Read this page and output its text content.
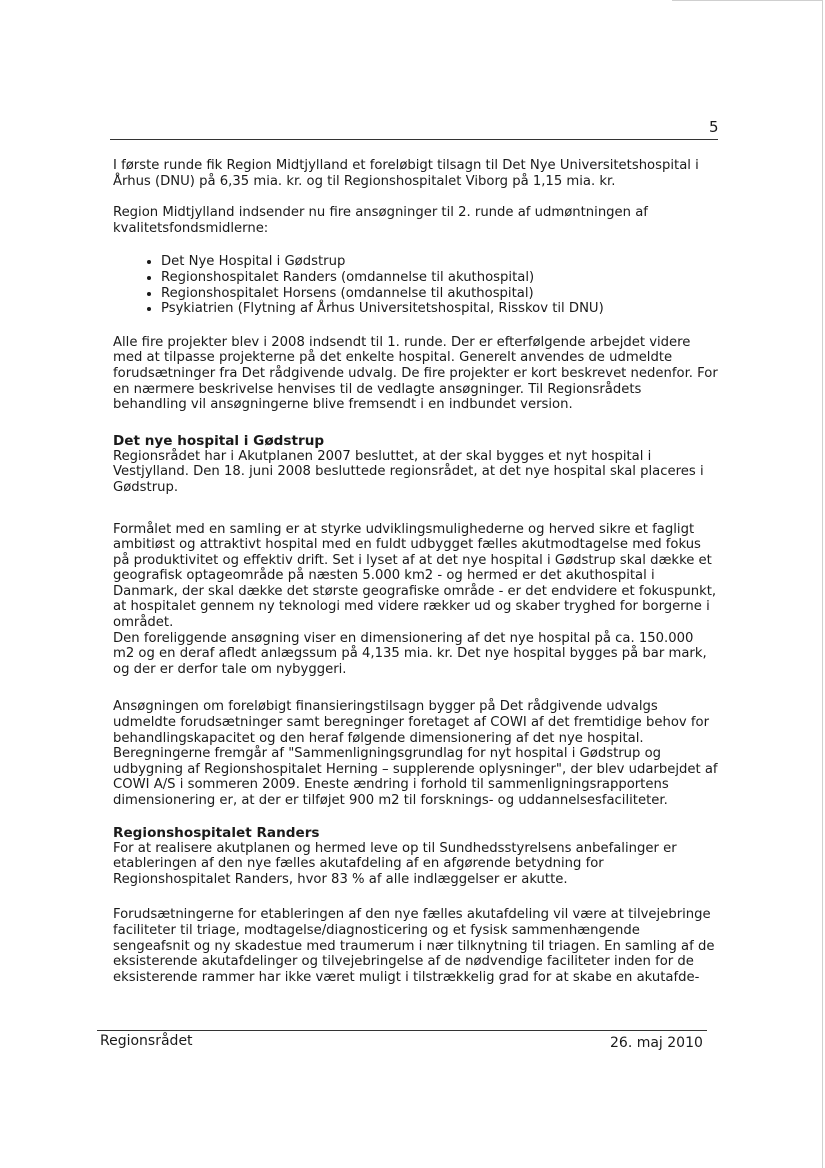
5

I første runde fik Region Midtjylland et foreløbigt tilsagn til Det Nye Universitetshospital i Århus (DNU) på 6,35 mia. kr. og til Regionshospitalet Viborg på 1,15 mia. kr.

Region Midtjylland indsender nu fire ansøgninger til 2. runde af udmøntningen af kvalitetsfondsmidlerne:

• Det Nye Hospital i Gødstrup
• Regionshospitalet Randers (omdannelse til akuthospital)
• Regionshospitalet Horsens (omdannelse til akuthospital)
• Psykiatrien (Flytning af Århus Universitetshospital, Risskov til DNU)

Alle fire projekter blev i 2008 indsendt til 1. runde. Der er efterfølgende arbejdet videre med at tilpasse projekterne på det enkelte hospital. Generelt anvendes de udmeldte forudsætninger fra Det rådgivende udvalg. De fire projekter er kort beskrevet nedenfor. For en nærmere beskrivelse henvises til de vedlagte ansøgninger. Til Regionsrådets behandling vil ansøgningerne blive fremsendt i en indbundet version.

Det nye hospital i Gødstrup

Regionsrådet har i Akutplanen 2007 besluttet, at der skal bygges et nyt hospital i Vestjylland. Den 18. juni 2008 besluttede regionsrådet, at det nye hospital skal placeres i Gødstrup.

Formålet med en samling er at styrke udviklingsmulighederne og herved sikre et fagligt ambitiøst og attraktivt hospital med en fuldt udbygget fælles akutmodtagelse med fokus på produktivitet og effektiv drift. Set i lyset af at det nye hospital i Gødstrup skal dække et geografisk optageområde på næsten 5.000 km2 - og hermed er det akuthospital i Danmark, der skal dække det største geografiske område - er det endvidere et fokuspunkt, at hospitalet gennem ny teknologi med videre rækker ud og skaber tryghed for borgerne i området.

Den foreliggende ansøgning viser en dimensionering af det nye hospital på ca. 150.000 m2 og en deraf afledt anlægssum på 4,135 mia. kr. Det nye hospital bygges på bar mark, og der er derfor tale om nybyggeri.

Ansøgningen om foreløbigt finansieringstilsagn bygger på Det rådgivende udvalgs udmeldte forudsætninger samt beregninger foretaget af COWI af det fremtidige behov for behandlingskapacitet og den heraf følgende dimensionering af det nye hospital. Beregningerne fremgår af "Sammenligningsgrundlag for nyt hospital i Gødstrup og udbygning af Regionshospitalet Herning – supplerende oplysninger", der blev udarbejdet af COWI A/S i sommeren 2009. Eneste ændring i forhold til sammenligningsrapportens dimensionering er, at der er tilføjet 900 m2 til forsknings- og uddannelsesfaciliteter.

Regionshospitalet Randers

For at realisere akutplanen og hermed leve op til Sundhedsstyrelsens anbefalinger er etableringen af den nye fælles akutafdeling af en afgørende betydning for Regionshospitalet Randers, hvor 83 % af alle indlæggelser er akutte.

Forudsætningerne for etableringen af den nye fælles akutafdeling vil være at tilvejebringe faciliteter til triage, modtagelse/diagnosticering og et fysisk sammenhængende sengeafsnit og ny skadestue med traumerum i nær tilknytning til triagen. En samling af de eksisterende akutafdelinger og tilvejebringelse af de nødvendige faciliteter inden for de eksisterende rammer har ikke været muligt i tilstrækkelig grad for at skabe en akutafde-

Regionsrådet	26. maj 2010
